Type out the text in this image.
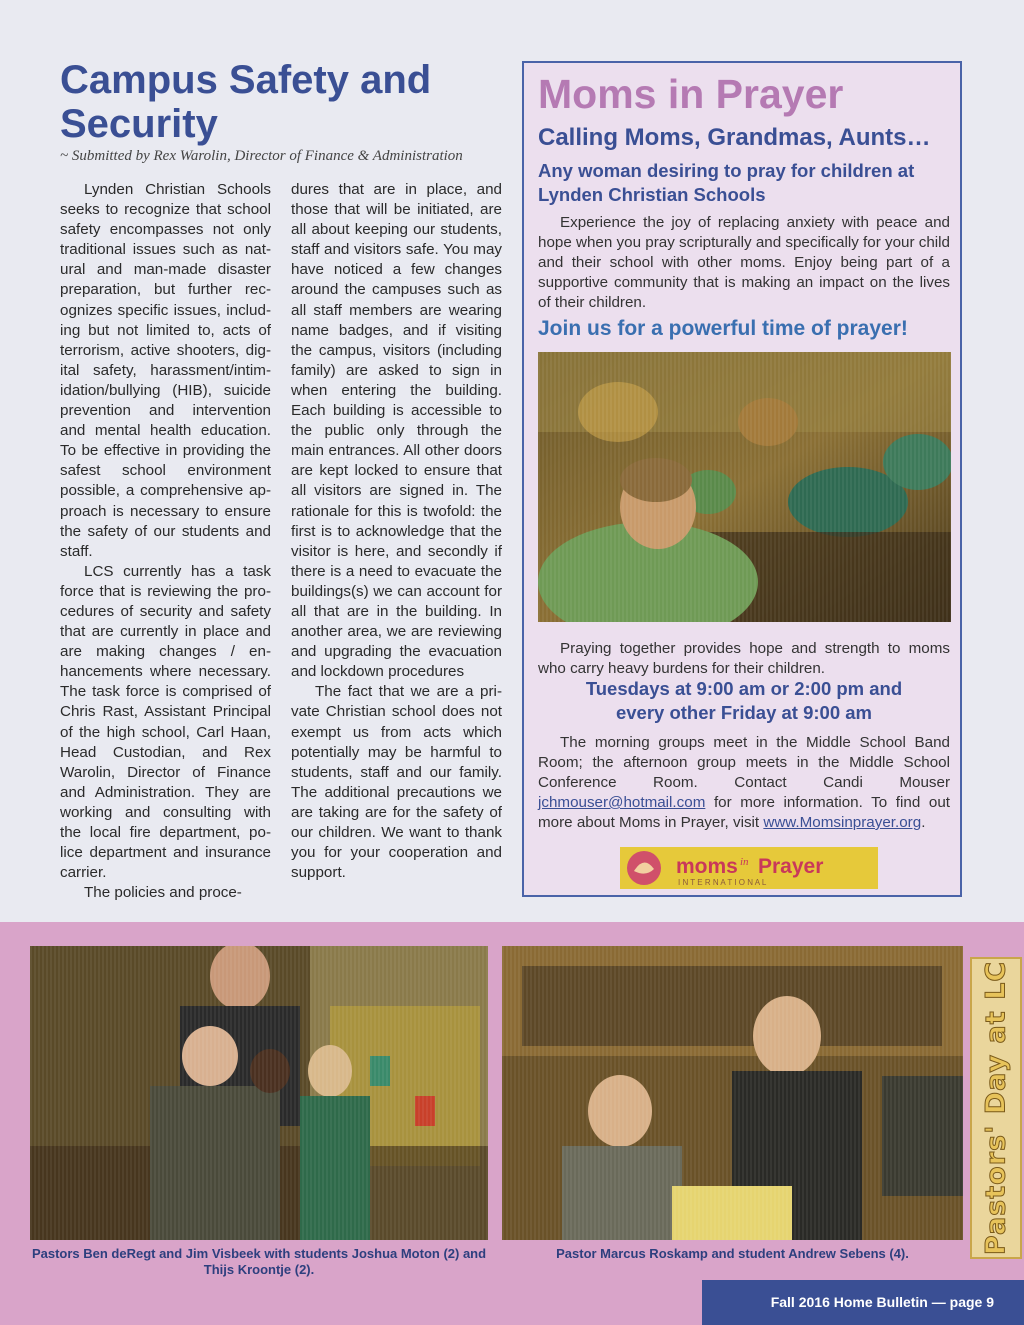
Campus Safety and Security
~ Submitted by Rex Warolin, Director of Finance & Administration

Lynden Christian Schools seeks to recognize that school safety encompasses not only traditional issues such as natural and man-made disaster preparation, but further recognizes specific issues, including but not limited to, acts of terrorism, active shooters, digital safety, harassment/intimidation/bullying (HIB), suicide prevention and intervention and mental health education. To be effective in providing the safest school environment possible, a comprehensive approach is necessary to ensure the safety of our students and staff.

LCS currently has a task force that is reviewing the procedures of security and safety that are currently in place and are making changes / enhancements where necessary. The task force is comprised of Chris Rast, Assistant Principal of the high school, Carl Haan, Head Custodian, and Rex Warolin, Director of Finance and Administration. They are working and consulting with the local fire department, police department and insurance carrier.

The policies and proce-

dures that are in place, and those that will be initiated, are all about keeping our students, staff and visitors safe. You may have noticed a few changes around the campuses such as all staff members are wearing name badges, and if visiting the campus, visitors (including family) are asked to sign in when entering the building. Each building is accessible to the public only through the main entrances. All other doors are kept locked to ensure that all visitors are signed in. The rationale for this is twofold: the first is to acknowledge that the visitor is here, and secondly if there is a need to evacuate the buildings(s) we can account for all that are in the building. In another area, we are reviewing and upgrading the evacuation and lockdown procedures

The fact that we are a private Christian school does not exempt us from acts which potentially may be harmful to students, staff and our family. The additional precautions we are taking are for the safety of our children. We want to thank you for your cooperation and support.

Moms in Prayer
Calling Moms, Grandmas, Aunts…
Any woman desiring to pray for children at Lynden Christian Schools

Experience the joy of replacing anxiety with peace and hope when you pray scripturally and specifically for your child and their school with other moms. Enjoy being part of a supportive community that is making an impact on the lives of their children.

Join us for a powerful time of prayer!

Praying together provides hope and strength to moms who carry heavy burdens for their children.

Tuesdays at 9:00 am or 2:00 pm and
every other Friday at 9:00 am

The morning groups meet in the Middle School Band Room; the afternoon group meets in the Middle School Conference Room. Contact Candi Mouser jchmouser@hotmail.com for more information. To find out more about Moms in Prayer, visit www.Momsinprayer.org.

moms in Prayer
I N T E R N A T I O N A L
Pastors Ben deRegt and Jim Visbeek with students Joshua Moton (2) and Thijs Kroontje (2).
Pastor Marcus Roskamp and student Andrew Sebens (4).	Pastors' Day at LC
Fall 2016 Home Bulletin — page 9
